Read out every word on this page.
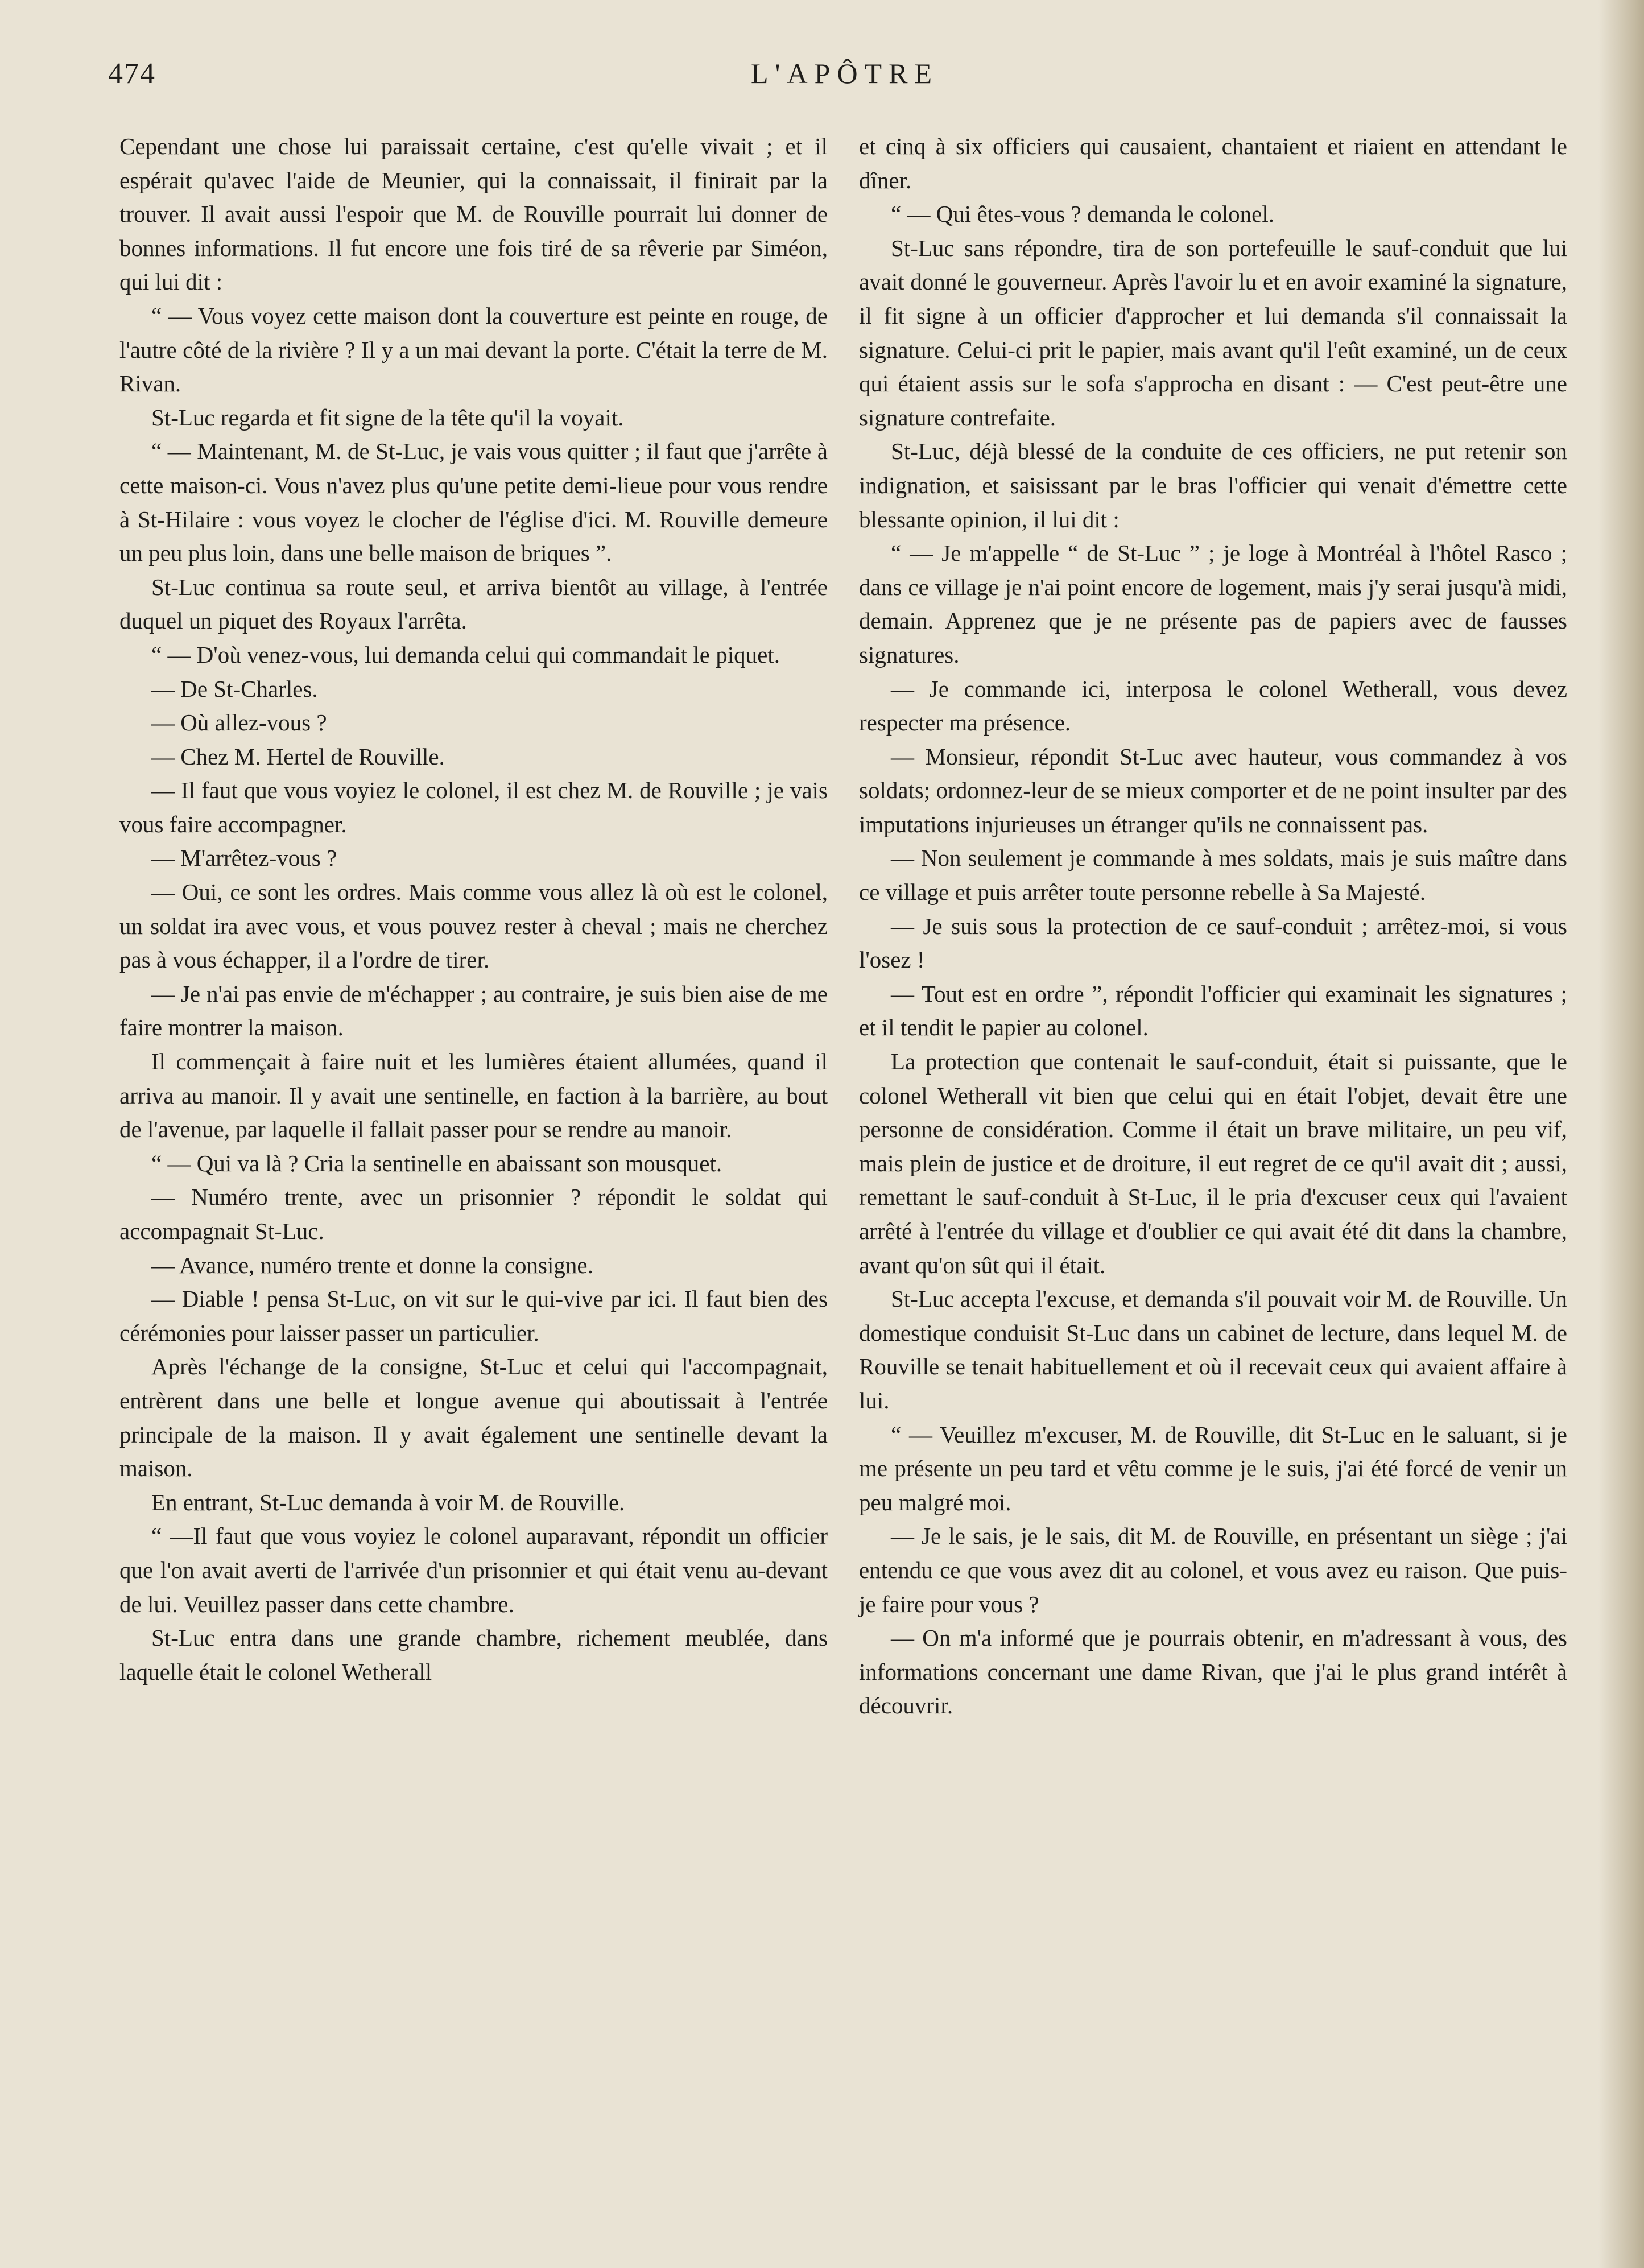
474	L'APÔTRE

Cependant une chose lui paraissait certaine, c'est qu'elle vivait ; et il espérait qu'avec l'aide de Meunier, qui la connaissait, il finirait par la trouver. Il avait aussi l'espoir que M. de Rouville pourrait lui donner de bonnes informations. Il fut encore une fois tiré de sa rêverie par Siméon, qui lui dit :

“ — Vous voyez cette maison dont la couverture est peinte en rouge, de l'autre côté de la rivière ? Il y a un mai devant la porte. C'était la terre de M. Rivan.

St-Luc regarda et fit signe de la tête qu'il la voyait.

“ — Maintenant, M. de St-Luc, je vais vous quitter ; il faut que j'arrête à cette maison-ci. Vous n'avez plus qu'une petite demi-lieue pour vous rendre à St-Hilaire : vous voyez le clocher de l'église d'ici. M. Rouville demeure un peu plus loin, dans une belle maison de briques ”.

St-Luc continua sa route seul, et arriva bientôt au village, à l'entrée duquel un piquet des Royaux l'arrêta.

“ — D'où venez-vous, lui demanda celui qui commandait le piquet.

— De St-Charles.

— Où allez-vous ?

— Chez M. Hertel de Rouville.

— Il faut que vous voyiez le colonel, il est chez M. de Rouville ; je vais vous faire accompagner.

— M'arrêtez-vous ?

— Oui, ce sont les ordres. Mais comme vous allez là où est le colonel, un soldat ira avec vous, et vous pouvez rester à cheval ; mais ne cherchez pas à vous échapper, il a l'ordre de tirer.

— Je n'ai pas envie de m'échapper ; au contraire, je suis bien aise de me faire montrer la maison.

Il commençait à faire nuit et les lumières étaient allumées, quand il arriva au manoir. Il y avait une sentinelle, en faction à la barrière, au bout de l'avenue, par laquelle il fallait passer pour se rendre au manoir.

“ — Qui va là ? Cria la sentinelle en abaissant son mousquet.

— Numéro trente, avec un prisonnier ? répondit le soldat qui accompagnait St-Luc.

— Avance, numéro trente et donne la consigne.

— Diable ! pensa St-Luc, on vit sur le qui-vive par ici. Il faut bien des cérémonies pour laisser passer un particulier.

Après l'échange de la consigne, St-Luc et celui qui l'accompagnait, entrèrent dans une belle et longue avenue qui aboutissait à l'entrée principale de la maison. Il y avait également une sentinelle devant la maison.

En entrant, St-Luc demanda à voir M. de Rouville.

“ —Il faut que vous voyiez le colonel auparavant, répondit un officier que l'on avait averti de l'arrivée d'un prisonnier et qui était venu au-devant de lui. Veuillez passer dans cette chambre.

St-Luc entra dans une grande chambre, richement meublée, dans laquelle était le colonel Wetherall

et cinq à six officiers qui causaient, chantaient et riaient en attendant le dîner.

“ — Qui êtes-vous ? demanda le colonel.

St-Luc sans répondre, tira de son portefeuille le sauf-conduit que lui avait donné le gouverneur. Après l'avoir lu et en avoir examiné la signature, il fit signe à un officier d'approcher et lui demanda s'il connaissait la signature. Celui-ci prit le papier, mais avant qu'il l'eût examiné, un de ceux qui étaient assis sur le sofa s'approcha en disant : — C'est peut-être une signature contrefaite.

St-Luc, déjà blessé de la conduite de ces officiers, ne put retenir son indignation, et saisissant par le bras l'officier qui venait d'émettre cette blessante opinion, il lui dit :

“ — Je m'appelle “ de St-Luc ” ; je loge à Montréal à l'hôtel Rasco ; dans ce village je n'ai point encore de logement, mais j'y serai jusqu'à midi, demain. Apprenez que je ne présente pas de papiers avec de fausses signatures.

— Je commande ici, interposa le colonel Wetherall, vous devez respecter ma présence.

— Monsieur, répondit St-Luc avec hauteur, vous commandez à vos soldats; ordonnez-leur de se mieux comporter et de ne point insulter par des imputations injurieuses un étranger qu'ils ne connaissent pas.

— Non seulement je commande à mes soldats, mais je suis maître dans ce village et puis arrêter toute personne rebelle à Sa Majesté.

— Je suis sous la protection de ce sauf-conduit ; arrêtez-moi, si vous l'osez !

— Tout est en ordre ”, répondit l'officier qui examinait les signatures ; et il tendit le papier au colonel.

La protection que contenait le sauf-conduit, était si puissante, que le colonel Wetherall vit bien que celui qui en était l'objet, devait être une personne de considération. Comme il était un brave militaire, un peu vif, mais plein de justice et de droiture, il eut regret de ce qu'il avait dit ; aussi, remettant le sauf-conduit à St-Luc, il le pria d'excuser ceux qui l'avaient arrêté à l'entrée du village et d'oublier ce qui avait été dit dans la chambre, avant qu'on sût qui il était.

St-Luc accepta l'excuse, et demanda s'il pouvait voir M. de Rouville. Un domestique conduisit St-Luc dans un cabinet de lecture, dans lequel M. de Rouville se tenait habituellement et où il recevait ceux qui avaient affaire à lui.

“ — Veuillez m'excuser, M. de Rouville, dit St-Luc en le saluant, si je me présente un peu tard et vêtu comme je le suis, j'ai été forcé de venir un peu malgré moi.

— Je le sais, je le sais, dit M. de Rouville, en présentant un siège ; j'ai entendu ce que vous avez dit au colonel, et vous avez eu raison. Que puis-je faire pour vous ?

— On m'a informé que je pourrais obtenir, en m'adressant à vous, des informations concernant une dame Rivan, que j'ai le plus grand intérêt à découvrir.
